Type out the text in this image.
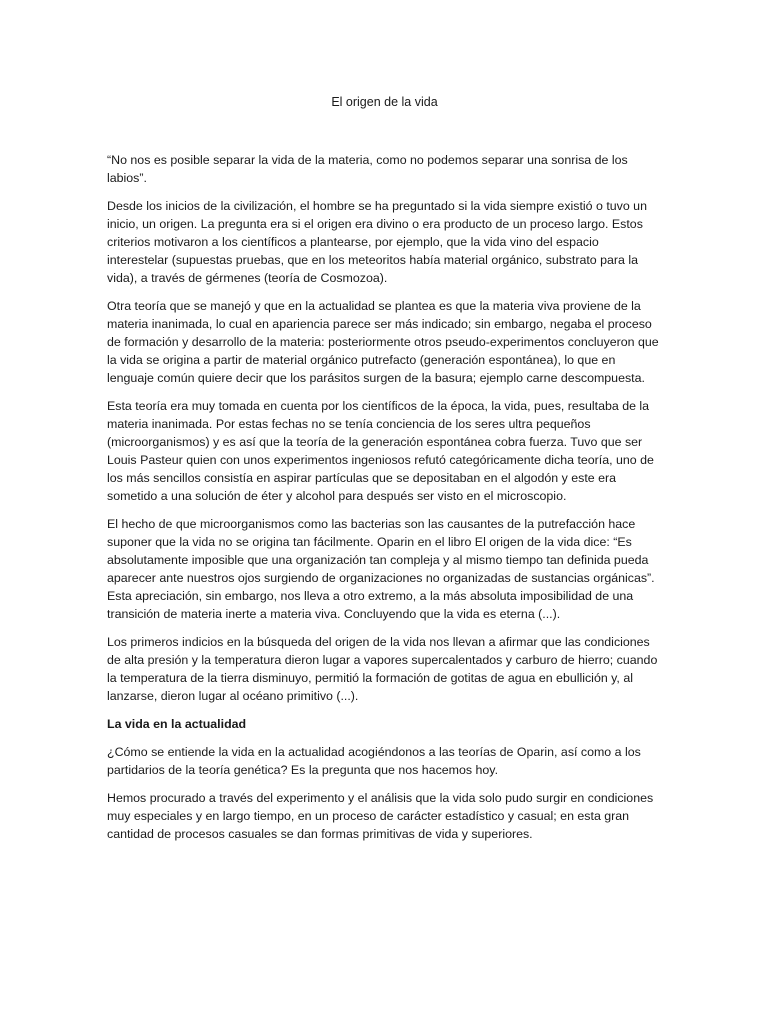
El origen de la vida

“No nos es posible separar la vida de la materia, como no podemos separar una sonrisa de los labios”.

Desde los inicios de la civilización, el hombre se ha preguntado si la vida siempre existió o tuvo un inicio, un origen. La pregunta era si el origen era divino o era producto de un proceso largo. Estos criterios motivaron a los científicos a plantearse, por ejemplo, que la vida vino del espacio interestelar (supuestas pruebas, que en los meteoritos había material orgánico, substrato para la vida), a través de gérmenes (teoría de Cosmozoa).

Otra teoría que se manejó y que en la actualidad se plantea es que la materia viva proviene de la materia inanimada, lo cual en apariencia parece ser más indicado; sin embargo, negaba el proceso de formación y desarrollo de la materia: posteriormente otros pseudo-experimentos concluyeron que la vida se origina a partir de material orgánico putrefacto (generación espontánea), lo que en lenguaje común quiere decir que los parásitos surgen de la basura; ejemplo carne descompuesta.

Esta teoría era muy tomada en cuenta por los científicos de la época, la vida, pues, resultaba de la materia inanimada. Por estas fechas no se tenía conciencia de los seres ultra pequeños (microorganismos) y es así que la teoría de la generación espontánea cobra fuerza. Tuvo que ser Louis Pasteur quien con unos experimentos ingeniosos refutó categóricamente dicha teoría, uno de los más sencillos consistía en aspirar partículas que se depositaban en el algodón y este era sometido a una solución de éter y alcohol para después ser visto en el microscopio.

El hecho de que microorganismos como las bacterias son las causantes de la putrefacción hace suponer que la vida no se origina tan fácilmente. Oparin en el libro El origen de la vida dice: “Es absolutamente imposible que una organización tan compleja y al mismo tiempo tan definida pueda aparecer ante nuestros ojos surgiendo de organizaciones no organizadas de sustancias orgánicas”. Esta apreciación, sin embargo, nos lleva a otro extremo, a la más absoluta imposibilidad de una transición de materia inerte a materia viva. Concluyendo que la vida es eterna (...).

Los primeros indicios en la búsqueda del origen de la vida nos llevan a afirmar que las condiciones de alta presión y la temperatura dieron lugar a vapores supercalentados y carburo de hierro; cuando la temperatura de la tierra disminuyo, permitió la formación de gotitas de agua en ebullición y, al lanzarse, dieron lugar al océano primitivo (...).

La vida en la actualidad

¿Cómo se entiende la vida en la actualidad acogiéndonos a las teorías de Oparin, así como a los partidarios de la teoría genética? Es la pregunta que nos hacemos hoy.

Hemos procurado a través del experimento y el análisis que la vida solo pudo surgir en condiciones muy especiales y en largo tiempo, en un proceso de carácter estadístico y casual; en esta gran cantidad de procesos casuales se dan formas primitivas de vida y superiores.
